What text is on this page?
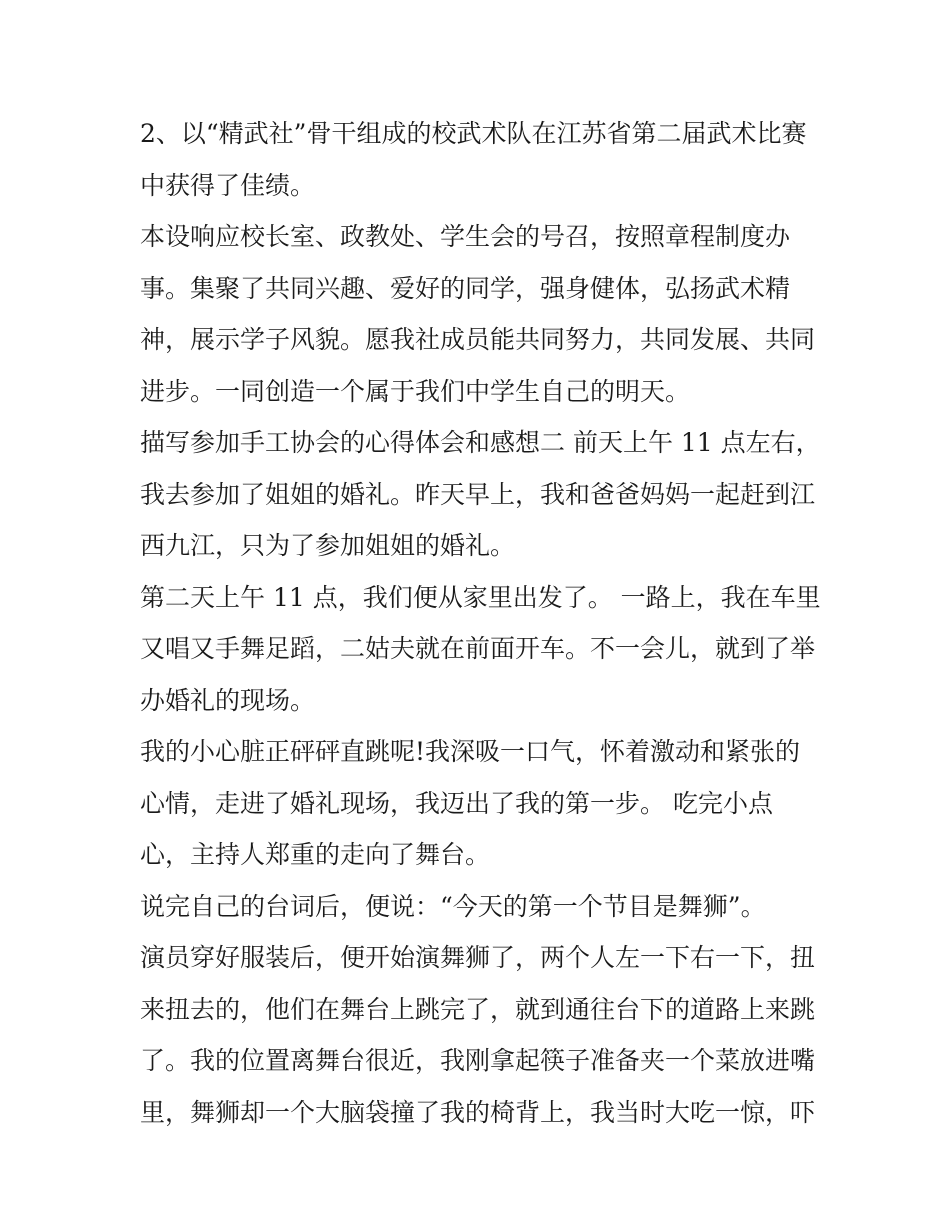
2、以“精武社”骨干组成的校武术队在江苏省第二届武术比赛
中获得了佳绩。
本设响应校长室、政教处、学生会的号召，按照章程制度办
事。集聚了共同兴趣、爱好的同学，强身健体，弘扬武术精
神，展示学子风貌。愿我社成员能共同努力，共同发展、共同
进步。一同创造一个属于我们中学生自己的明天。
描写参加手工协会的心得体会和感想二 前天上午 11 点左右，
我去参加了姐姐的婚礼。昨天早上，我和爸爸妈妈一起赶到江
西九江，只为了参加姐姐的婚礼。
第二天上午 11 点，我们便从家里出发了。 一路上，我在车里
又唱又手舞足蹈，二姑夫就在前面开车。不一会儿，就到了举
办婚礼的现场。
我的小心脏正砰砰直跳呢!我深吸一口气，怀着激动和紧张的
心情，走进了婚礼现场，我迈出了我的第一步。 吃完小点
心，主持人郑重的走向了舞台。
说完自己的台词后，便说：“今天的第一个节目是舞狮”。
演员穿好服装后，便开始演舞狮了，两个人左一下右一下，扭
来扭去的，他们在舞台上跳完了，就到通往台下的道路上来跳
了。我的位置离舞台很近，我刚拿起筷子准备夹一个菜放进嘴
里，舞狮却一个大脑袋撞了我的椅背上，我当时大吃一惊，吓
